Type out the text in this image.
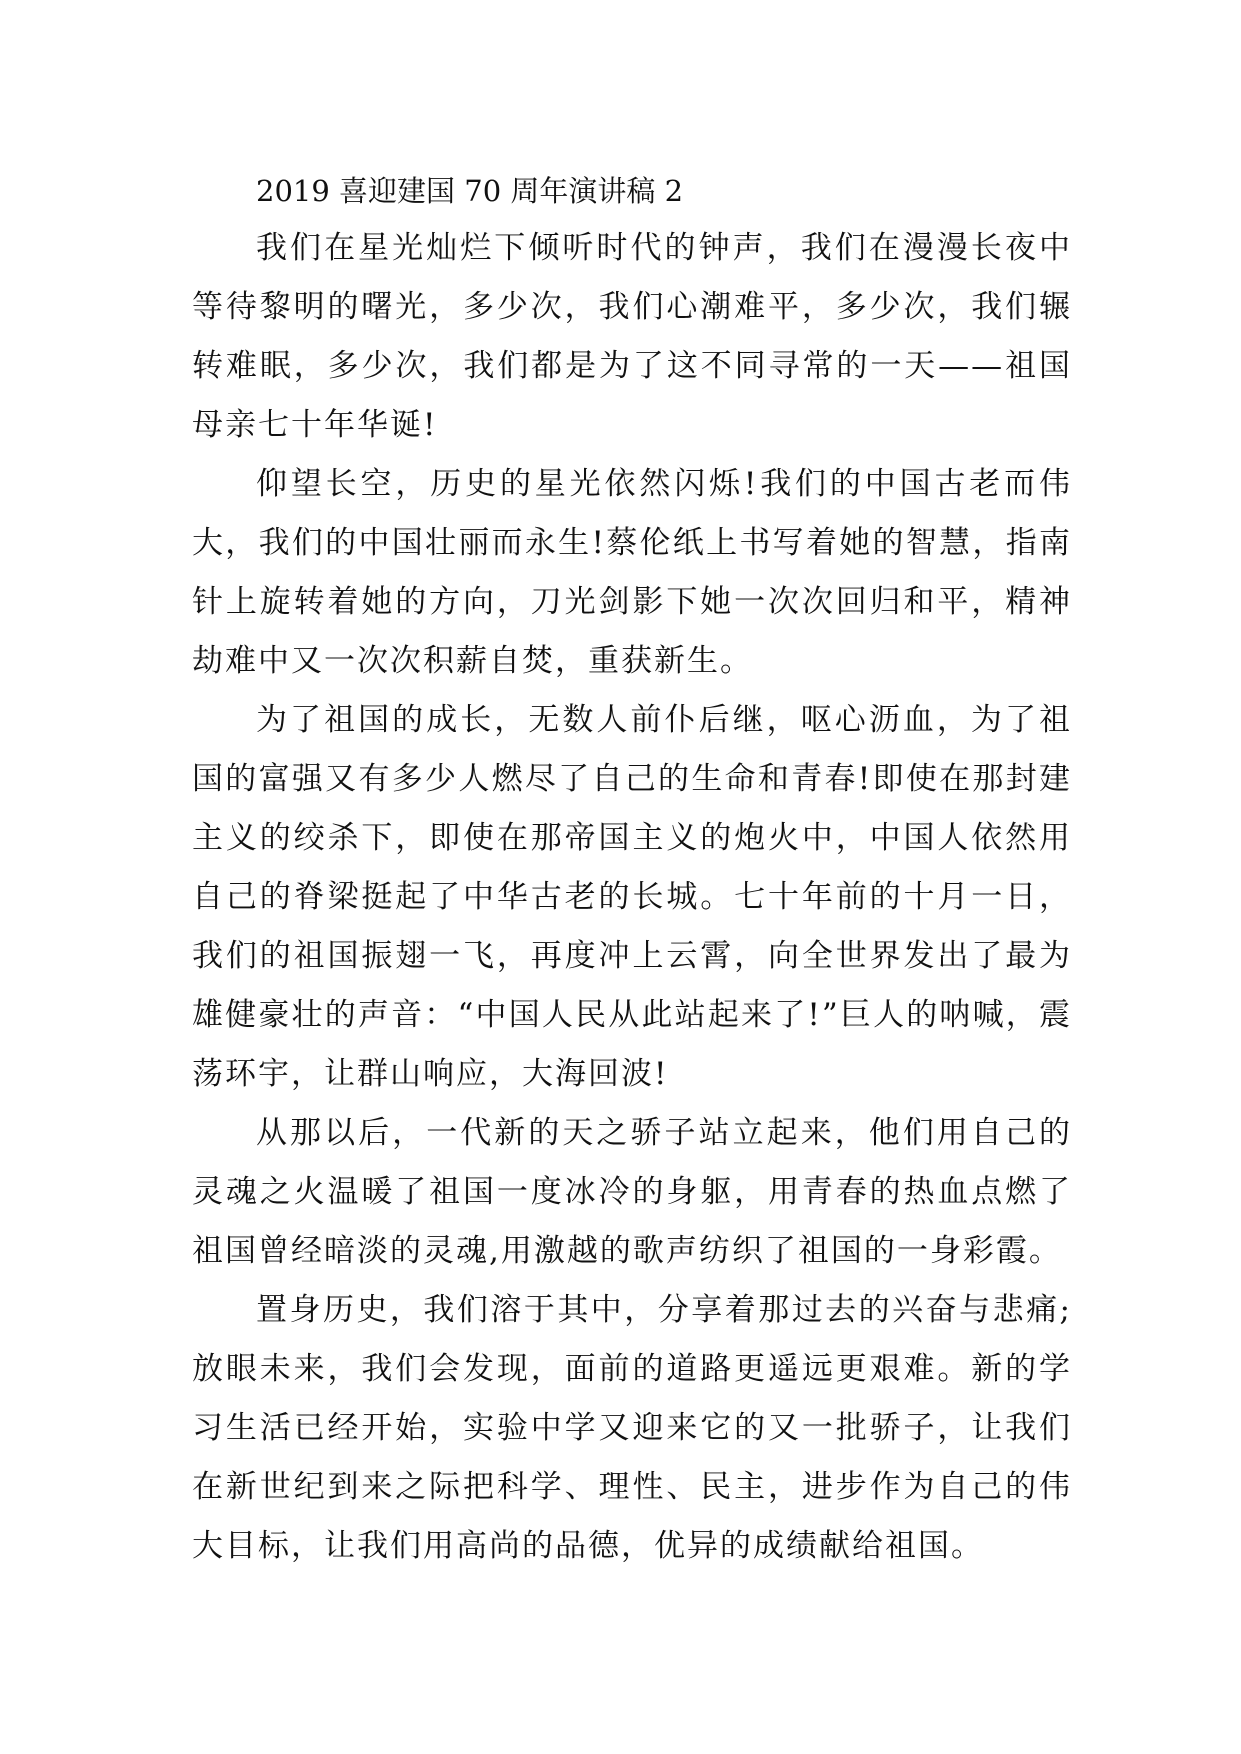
2019 喜迎建国 70 周年演讲稿 2

我们在星光灿烂下倾听时代的钟声，我们在漫漫长夜中等待黎明的曙光，多少次，我们心潮难平，多少次，我们辗转难眠，多少次，我们都是为了这不同寻常的一天——祖国母亲七十年华诞!

仰望长空，历史的星光依然闪烁!我们的中国古老而伟大，我们的中国壮丽而永生!蔡伦纸上书写着她的智慧，指南针上旋转着她的方向，刀光剑影下她一次次回归和平，精神劫难中又一次次积薪自焚，重获新生。

为了祖国的成长，无数人前仆后继，呕心沥血，为了祖国的富强又有多少人燃尽了自己的生命和青春!即使在那封建主义的绞杀下，即使在那帝国主义的炮火中，中国人依然用自己的脊梁挺起了中华古老的长城。七十年前的十月一日，我们的祖国振翅一飞，再度冲上云霄，向全世界发出了最为雄健豪壮的声音：“中国人民从此站起来了!”巨人的呐喊，震荡环宇，让群山响应，大海回波!

从那以后，一代新的天之骄子站立起来，他们用自己的灵魂之火温暖了祖国一度冰冷的身躯，用青春的热血点燃了祖国曾经暗淡的灵魂,用激越的歌声纺织了祖国的一身彩霞。

置身历史，我们溶于其中，分享着那过去的兴奋与悲痛;放眼未来，我们会发现，面前的道路更遥远更艰难。新的学习生活已经开始，实验中学又迎来它的又一批骄子，让我们在新世纪到来之际把科学、理性、民主，进步作为自己的伟大目标，让我们用高尚的品德，优异的成绩献给祖国。
